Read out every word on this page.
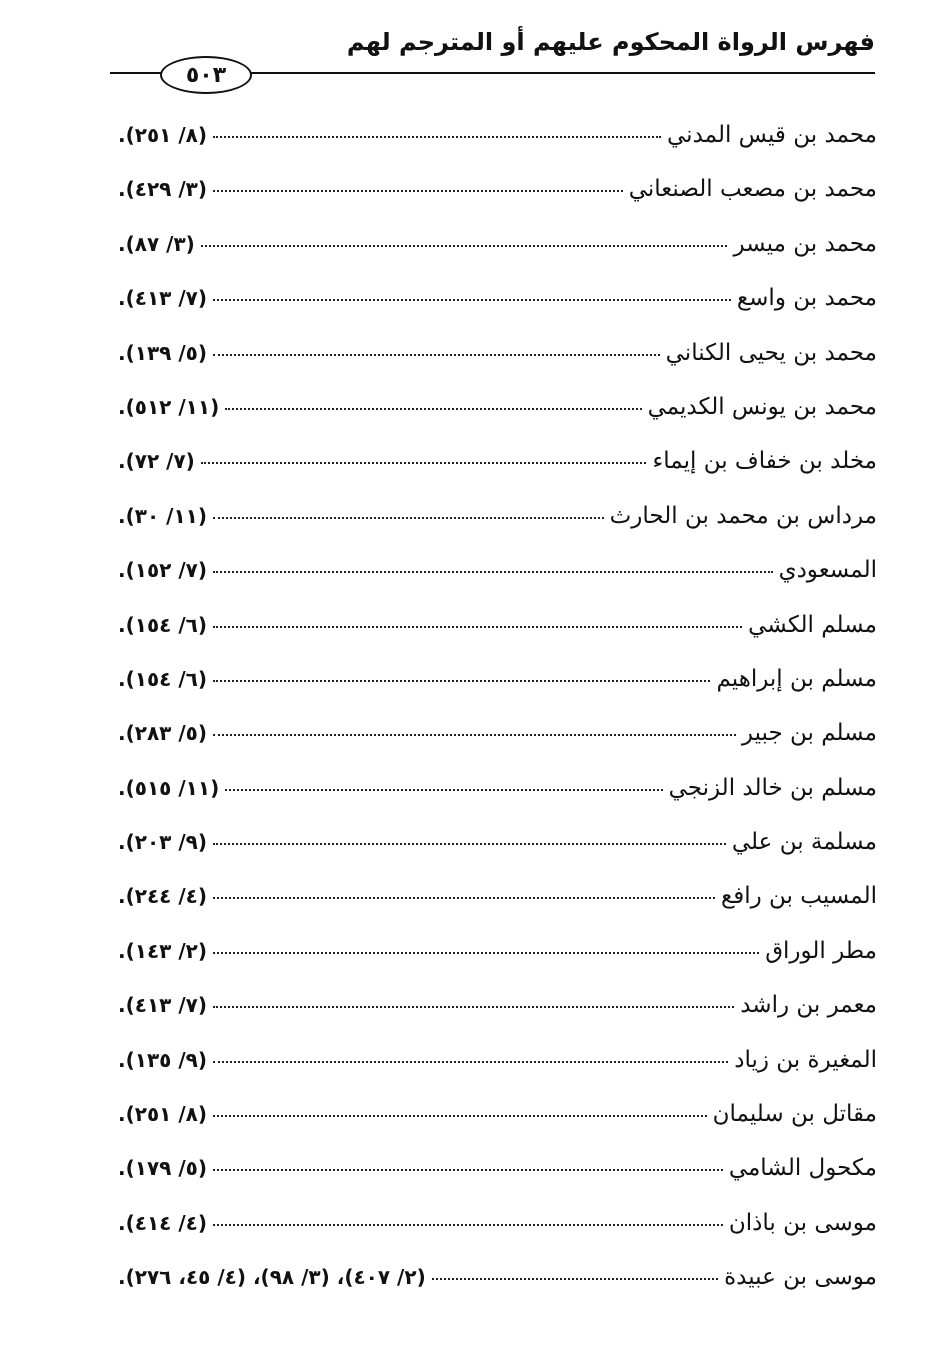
فهرس الرواة المحكوم عليهم أو المترجم لهم
٥٠٣
محمد بن قيس المدني
(٨/ ٢٥١).
محمد بن مصعب الصنعاني
(٣/ ٤٢٩).
محمد بن ميسر
(٣/ ٨٧).
محمد بن واسع
(٧/ ٤١٣).
محمد بن يحيى الكناني
(٥/ ١٣٩).
محمد بن يونس الكديمي
(١١/ ٥١٢).
مخلد بن خفاف بن إيماء
(٧/ ٧٢).
مرداس بن محمد بن الحارث
(١١/ ٣٠).
المسعودي
(٧/ ١٥٢).
مسلم الكشي
(٦/ ١٥٤).
مسلم بن إبراهيم
(٦/ ١٥٤).
مسلم بن جبير
(٥/ ٢٨٣).
مسلم بن خالد الزنجي
(١١/ ٥١٥).
مسلمة بن علي
(٩/ ٢٠٣).
المسيب بن رافع
(٤/ ٢٤٤).
مطر الوراق
(٢/ ١٤٣).
معمر بن راشد
(٧/ ٤١٣).
المغيرة بن زياد
(٩/ ١٣٥).
مقاتل بن سليمان
(٨/ ٢٥١).
مكحول الشامي
(٥/ ١٧٩).
موسى بن باذان
(٤/ ٤١٤).
موسى بن عبيدة
(٢/ ٤٠٧)، (٣/ ٩٨)، (٤/ ٤٥، ٢٧٦).
